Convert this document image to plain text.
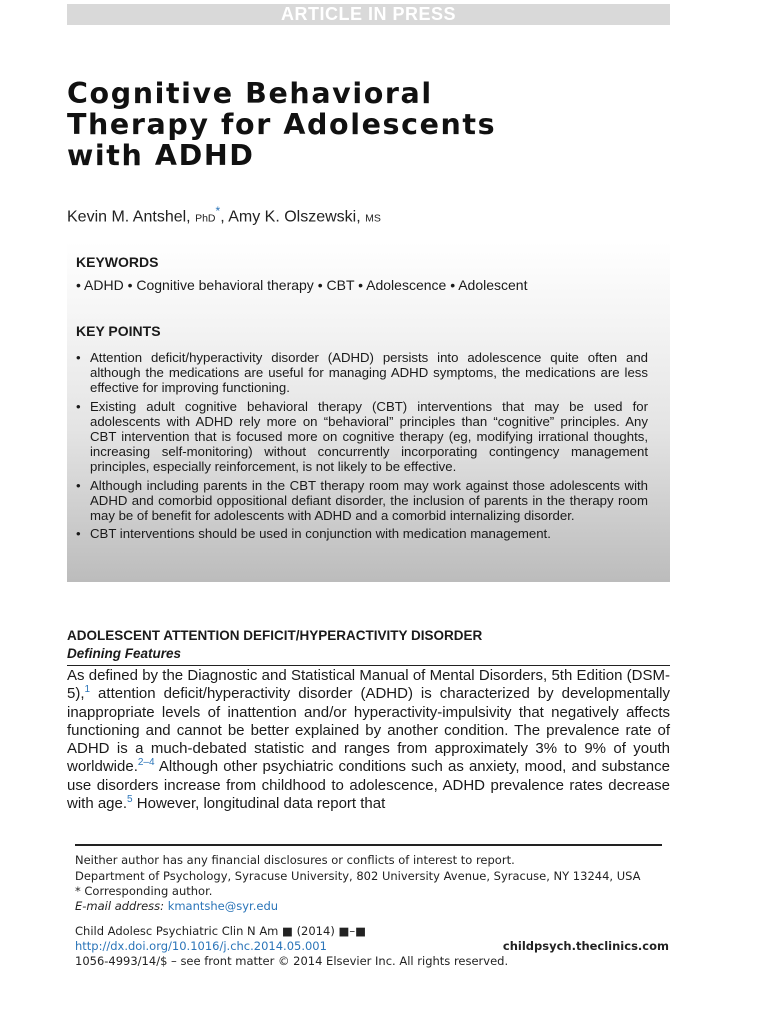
ARTICLE IN PRESS
Cognitive Behavioral
Therapy for Adolescents
with ADHD
Kevin M. Antshel, PhD*, Amy K. Olszewski, MS
KEYWORDS
• ADHD • Cognitive behavioral therapy • CBT • Adolescence • Adolescent
KEY POINTS
• Attention deficit/hyperactivity disorder (ADHD) persists into adolescence quite often and although the medications are useful for managing ADHD symptoms, the medications are less effective for improving functioning.
• Existing adult cognitive behavioral therapy (CBT) interventions that may be used for adolescents with ADHD rely more on “behavioral” principles than “cognitive” principles. Any CBT intervention that is focused more on cognitive therapy (eg, modifying irrational thoughts, increasing self-monitoring) without concurrently incorporating contingency management principles, especially reinforcement, is not likely to be effective.
• Although including parents in the CBT therapy room may work against those adolescents with ADHD and comorbid oppositional defiant disorder, the inclusion of parents in the therapy room may be of benefit for adolescents with ADHD and a comorbid internalizing disorder.
• CBT interventions should be used in conjunction with medication management.
ADOLESCENT ATTENTION DEFICIT/HYPERACTIVITY DISORDER
Defining Features

As defined by the Diagnostic and Statistical Manual of Mental Disorders, 5th Edition (DSM-5),$^1$ attention deficit/hyperactivity disorder (ADHD) is characterized by developmentally inappropriate levels of inattention and/or hyperactivity-impulsivity that negatively affects functioning and cannot be better explained by another condition. The prevalence rate of ADHD is a much-debated statistic and ranges from approximately 3% to 9% of youth worldwide.$^{2-4}$ Although other psychiatric conditions such as anxiety, mood, and substance use disorders increase from childhood to adolescence, ADHD prevalence rates decrease with age.$^5$ However, longitudinal data report that

Neither author has any financial disclosures or conflicts of interest to report.
Department of Psychology, Syracuse University, 802 University Avenue, Syracuse, NY 13244, USA
* Corresponding author.
E-mail address: kmantshe@syr.edu
Child Adolesc Psychiatric Clin N Am ■ (2014) ■–■
http://dx.doi.org/10.1016/j.chc.2014.05.001	childpsych.theclinics.com
1056-4993/14/$ – see front matter © 2014 Elsevier Inc. All rights reserved.
